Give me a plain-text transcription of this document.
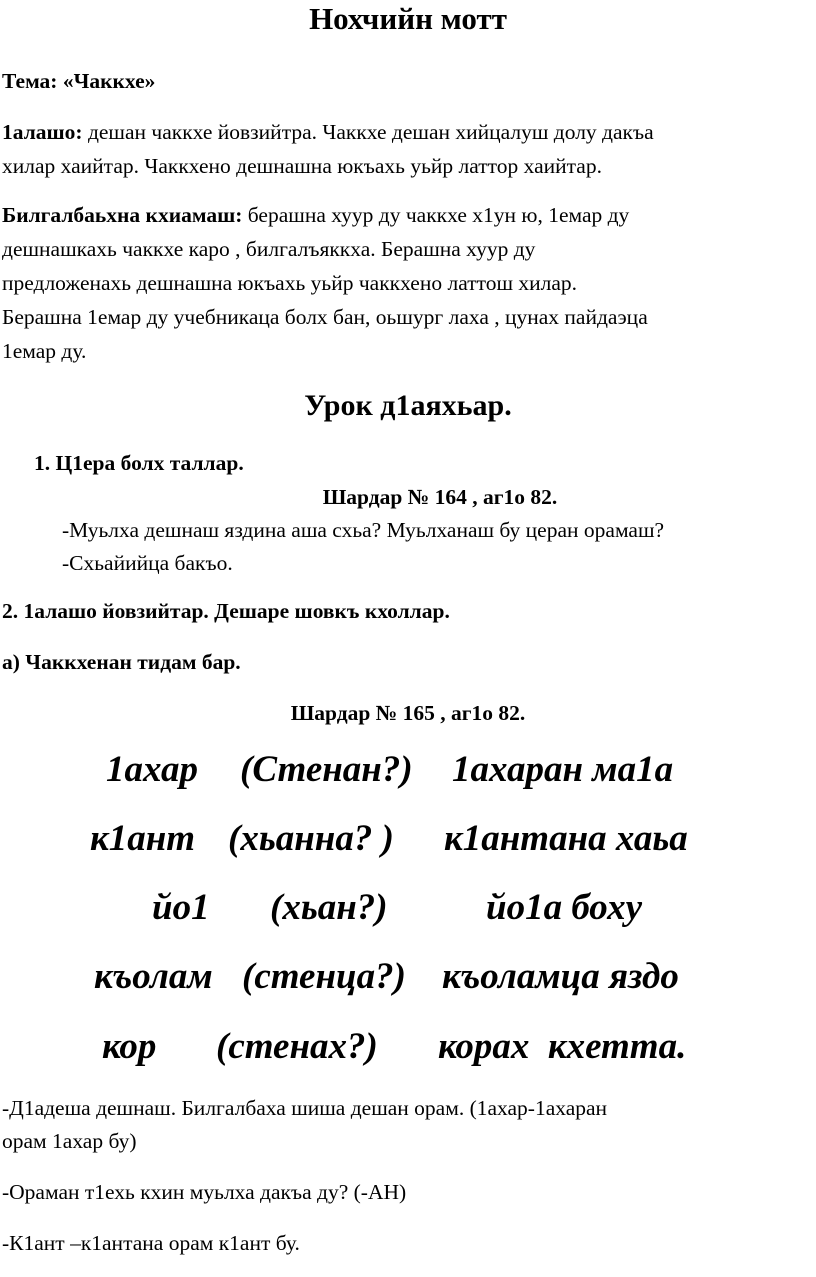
Нохчийн мотт
Тема: «Чаккхе»
1алашо: дешан чаккхе йовзийтра. Чаккхе дешан хийцалуш долу дакъа
хилар хаийтар. Чаккхено дешнашна юкъахь уьйр латтор хаийтар.
Билгалбаьхна кхиамаш: берашна хуур ду чаккхе х1ун ю, 1емар ду
дешнашкахь чаккхе каро , билгалъяккха. Берашна хуур ду
предложенахь дешнашна юкъахь уьйр чаккхено латтош хилар.
Берашна 1емар ду учебникаца болх бан, оьшург лаха , цунах пайдаэца
1емар ду.
Урок д1аяхьар.
1. Ц1ера болх таллар.
Шардар № 164 , аг1о 82.
-Муьлха дешнаш яздина аша схьа? Муьлханаш бу церан орамаш?
-Схьайийца бакъо.
2. 1алашо йовзийтар. Дешаре шовкъ кхоллар.
а) Чаккхенан тидам бар.
Шардар № 165 , аг1о 82.
1ахар (Стенан?) 1ахаран ма1а
к1ант (хьанна? ) к1антана хаьа
йо1 (хьан?)	йо1а боху
къолам (стенца?) къоламца яздо
кор (стенах?) корах  кхетта.
-Д1адеша дешнаш. Билгалбаха шиша дешан орам. (1ахар-1ахаран
орам 1ахар бу)
-Ораман т1ехь кхин муьлха дакъа ду? (-АН)
-К1ант –к1антана орам к1ант бу.
